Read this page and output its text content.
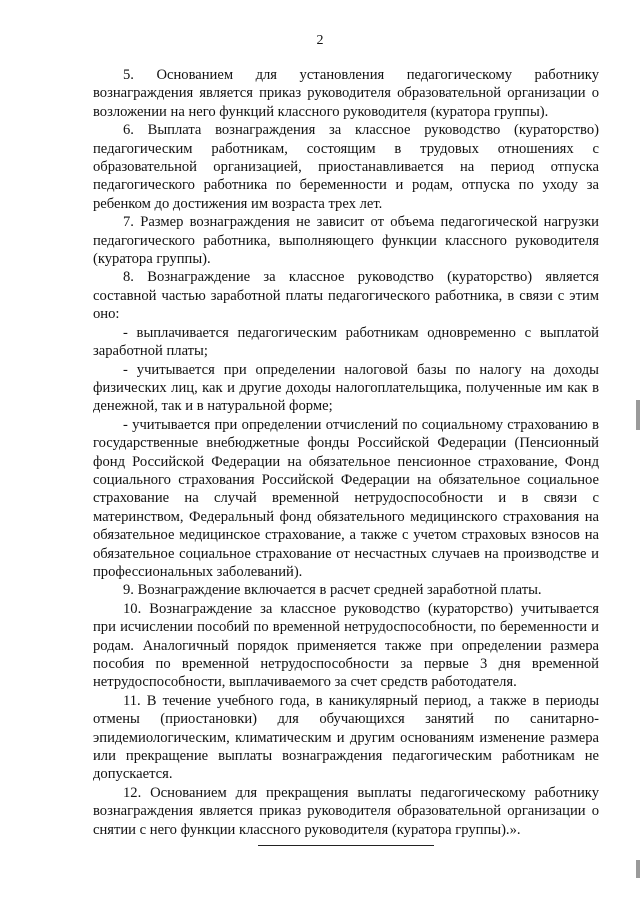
2

5. Основанием для установления педагогическому работнику вознаграждения является приказ руководителя образовательной организации о возложении на него функций классного руководителя (куратора группы).

6. Выплата вознаграждения за классное руководство (кураторство) педагогическим работникам, состоящим в трудовых отношениях с образовательной организацией, приостанавливается на период отпуска педагогического работника по беременности и родам, отпуска по уходу за ребенком до достижения им возраста трех лет.

7. Размер вознаграждения не зависит от объема педагогической нагрузки педагогического работника, выполняющего функции классного руководителя (куратора группы).

8. Вознаграждение за классное руководство (кураторство) является составной частью заработной платы педагогического работника, в связи с этим оно:

- выплачивается педагогическим работникам одновременно с выплатой заработной платы;

- учитывается при определении налоговой базы по налогу на доходы физических лиц, как и другие доходы налогоплательщика, полученные им как в денежной, так и в натуральной форме;

- учитывается при определении отчислений по социальному страхованию в государственные внебюджетные фонды Российской Федерации (Пенсионный фонд Российской Федерации на обязательное пенсионное страхование, Фонд социального страхования Российской Федерации на обязательное социальное страхование на случай временной нетрудоспособности и в связи с материнством, Федеральный фонд обязательного медицинского страхования на обязательное медицинское страхование, а также с учетом страховых взносов на обязательное социальное страхование от несчастных случаев на производстве и профессиональных заболеваний).

9. Вознаграждение включается в расчет средней заработной платы.

10. Вознаграждение за классное руководство (кураторство) учитывается при исчислении пособий по временной нетрудоспособности, по беременности и родам. Аналогичный порядок применяется также при определении размера пособия по временной нетрудоспособности за первые 3 дня временной нетрудоспособности, выплачиваемого за счет средств работодателя.

11. В течение учебного года, в каникулярный период, а также в периоды отмены (приостановки) для обучающихся занятий по санитарно-эпидемиологическим, климатическим и другим основаниям изменение размера или прекращение выплаты вознаграждения педагогическим работникам не допускается.

12. Основанием для прекращения выплаты педагогическому работнику вознаграждения является приказ руководителя образовательной организации о снятии с него функции классного руководителя (куратора группы).».
